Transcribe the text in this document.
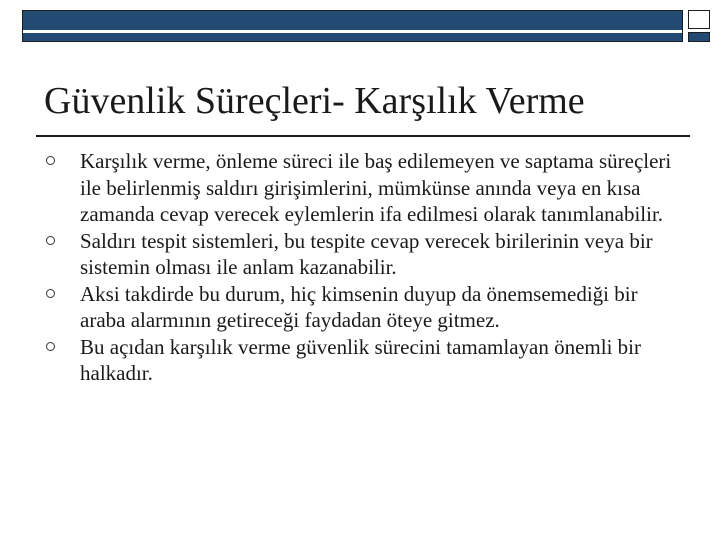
Güvenlik Süreçleri- Karşılık Verme
Karşılık verme, önleme süreci ile baş edilemeyen ve saptama süreçleri ile belirlenmiş saldırı girişimlerini, mümkünse anında veya en kısa zamanda cevap verecek eylemlerin ifa edilmesi olarak tanımlanabilir.
Saldırı tespit sistemleri, bu tespite cevap verecek birilerinin veya bir sistemin olması ile anlam kazanabilir.
Aksi takdirde bu durum, hiç kimsenin duyup da önemsemediği bir araba alarmının getireceği faydadan öteye gitmez.
Bu açıdan karşılık verme güvenlik sürecini tamamlayan önemli bir halkadır.
